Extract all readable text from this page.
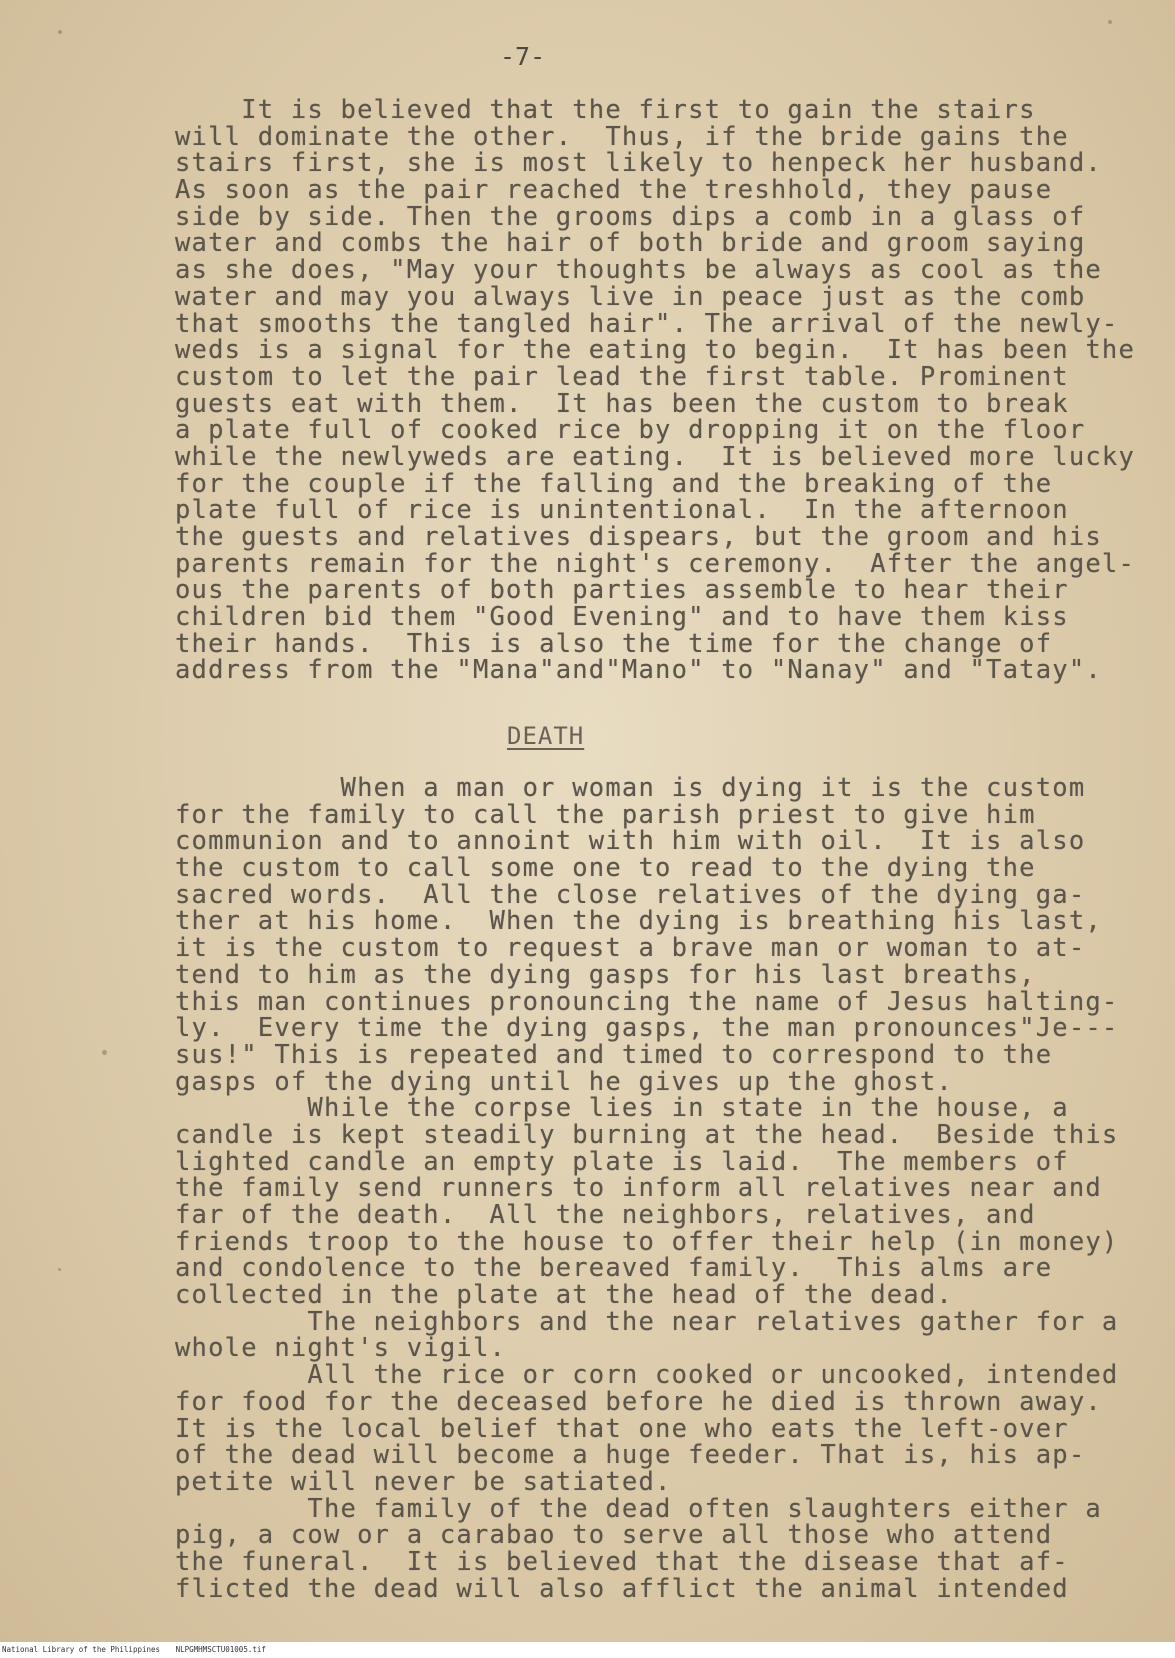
-7-
It is believed that the first to gain the stairs
will dominate the other.  Thus, if the bride gains the
stairs first, she is most likely to henpeck her husband.
As soon as the pair reached the treshhold, they pause
side by side. Then the grooms dips a comb in a glass of
water and combs the hair of both bride and groom saying
as she does, "May your thoughts be always as cool as the
water and may you always live in peace just as the comb
that smooths the tangled hair". The arrival of the newly-
weds is a signal for the eating to begin.  It has been the
custom to let the pair lead the first table. Prominent
guests eat with them.  It has been the custom to break
a plate full of cooked rice by dropping it on the floor
while the newlyweds are eating.  It is believed more lucky
for the couple if the falling and the breaking of the
plate full of rice is unintentional.  In the afternoon
the guests and relatives dispears, but the groom and his
parents remain for the night's ceremony.  After the angel-
ous the parents of both parties assemble to hear their
children bid them "Good Evening" and to have them kiss
their hands.  This is also the time for the change of
address from the "Mana"and"Mano" to "Nanay" and "Tatay".
DEATH
When a man or woman is dying it is the custom
for the family to call the parish priest to give him
communion and to annoint with him with oil.  It is also
the custom to call some one to read to the dying the
sacred words.  All the close relatives of the dying ga-
ther at his home.  When the dying is breathing his last,
it is the custom to request a brave man or woman to at-
tend to him as the dying gasps for his last breaths,
this man continues pronouncing the name of Jesus halting-
ly.  Every time the dying gasps, the man pronounces"Je---
sus!" This is repeated and timed to correspond to the
gasps of the dying until he gives up the ghost.
While the corpse lies in state in the house, a
candle is kept steadily burning at the head.  Beside this
lighted candle an empty plate is laid.  The members of
the family send runners to inform all relatives near and
far of the death.  All the neighbors, relatives, and
friends troop to the house to offer their help (in money)
and condolence to the bereaved family.  This alms are
collected in the plate at the head of the dead.
The neighbors and the near relatives gather for a
whole night's vigil.
All the rice or corn cooked or uncooked, intended
for food for the deceased before he died is thrown away.
It is the local belief that one who eats the left-over
of the dead will become a huge feeder. That is, his ap-
petite will never be satiated.
The family of the dead often slaughters either a
pig, a cow or a carabao to serve all those who attend
the funeral.  It is believed that the disease that af-
flicted the dead will also afflict the animal intended
National Library of the Philippines NLPGMHMSCTU01005.tif
